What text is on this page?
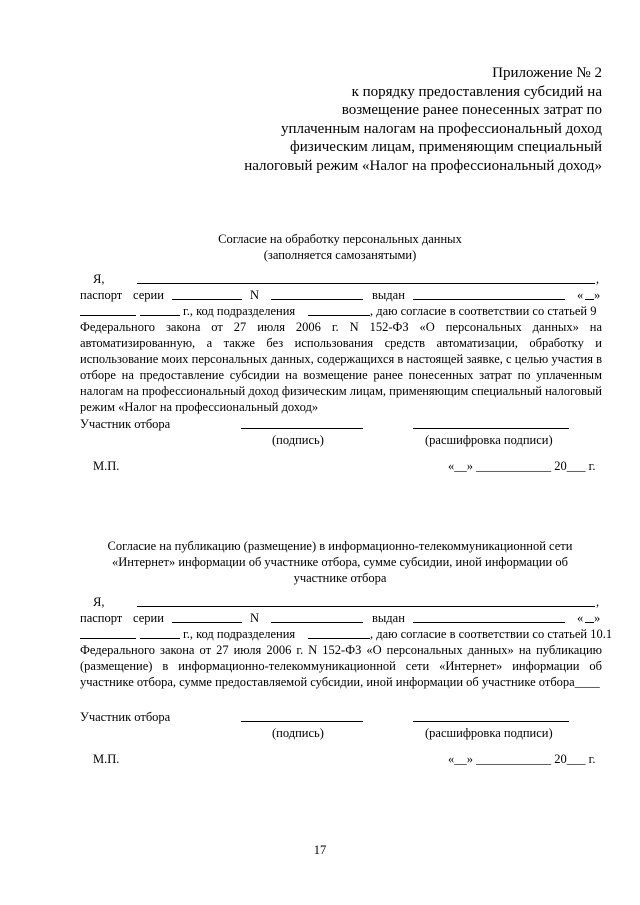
Приложение № 2
к порядку предоставления субсидий на
возмещение ранее понесенных затрат по
уплаченным налогам на профессиональный доход
физическим лицам, применяющим специальный
налоговый режим «Налог на профессиональный доход»
Согласие на обработку персональных данных
(заполняется самозанятыми)
Я,	,
паспорт серии	N	выдан	« »
г., код подразделения	, даю согласие в соответствии со статьей 9
Федерального закона от 27 июля 2006 г. N 152-ФЗ «О персональных данных» на автоматизированную, а также без использования средств автоматизации, обработку и использование моих персональных данных, содержащихся в настоящей заявке, с целью участия в отборе на предоставление субсидии на возмещение ранее понесенных затрат по уплаченным налогам на профессиональный доход физическим лицам, применяющим специальный налоговый режим «Налог на профессиональный доход»
Участник отбора
(подпись)	(расшифровка подписи)
М.П.	«__» ____________ 20___ г.
Согласие на публикацию (размещение) в информационно-телекоммуникационной сети
«Интернет» информации об участнике отбора, сумме субсидии, иной информации об
участнике отбора
Я,	,
паспорт серии	N	выдан	« »
г., код подразделения	, даю согласие в соответствии со статьей 10.1
Федерального закона от 27 июля 2006 г. N 152-ФЗ «О персональных данных» на публикацию (размещение) в информационно-телекоммуникационной сети «Интернет» информации об участнике отбора, сумме предоставляемой субсидии, иной информации об участнике отбора____
Участник отбора
(подпись)	(расшифровка подписи)
М.П.	«__» ____________ 20___ г.
17
